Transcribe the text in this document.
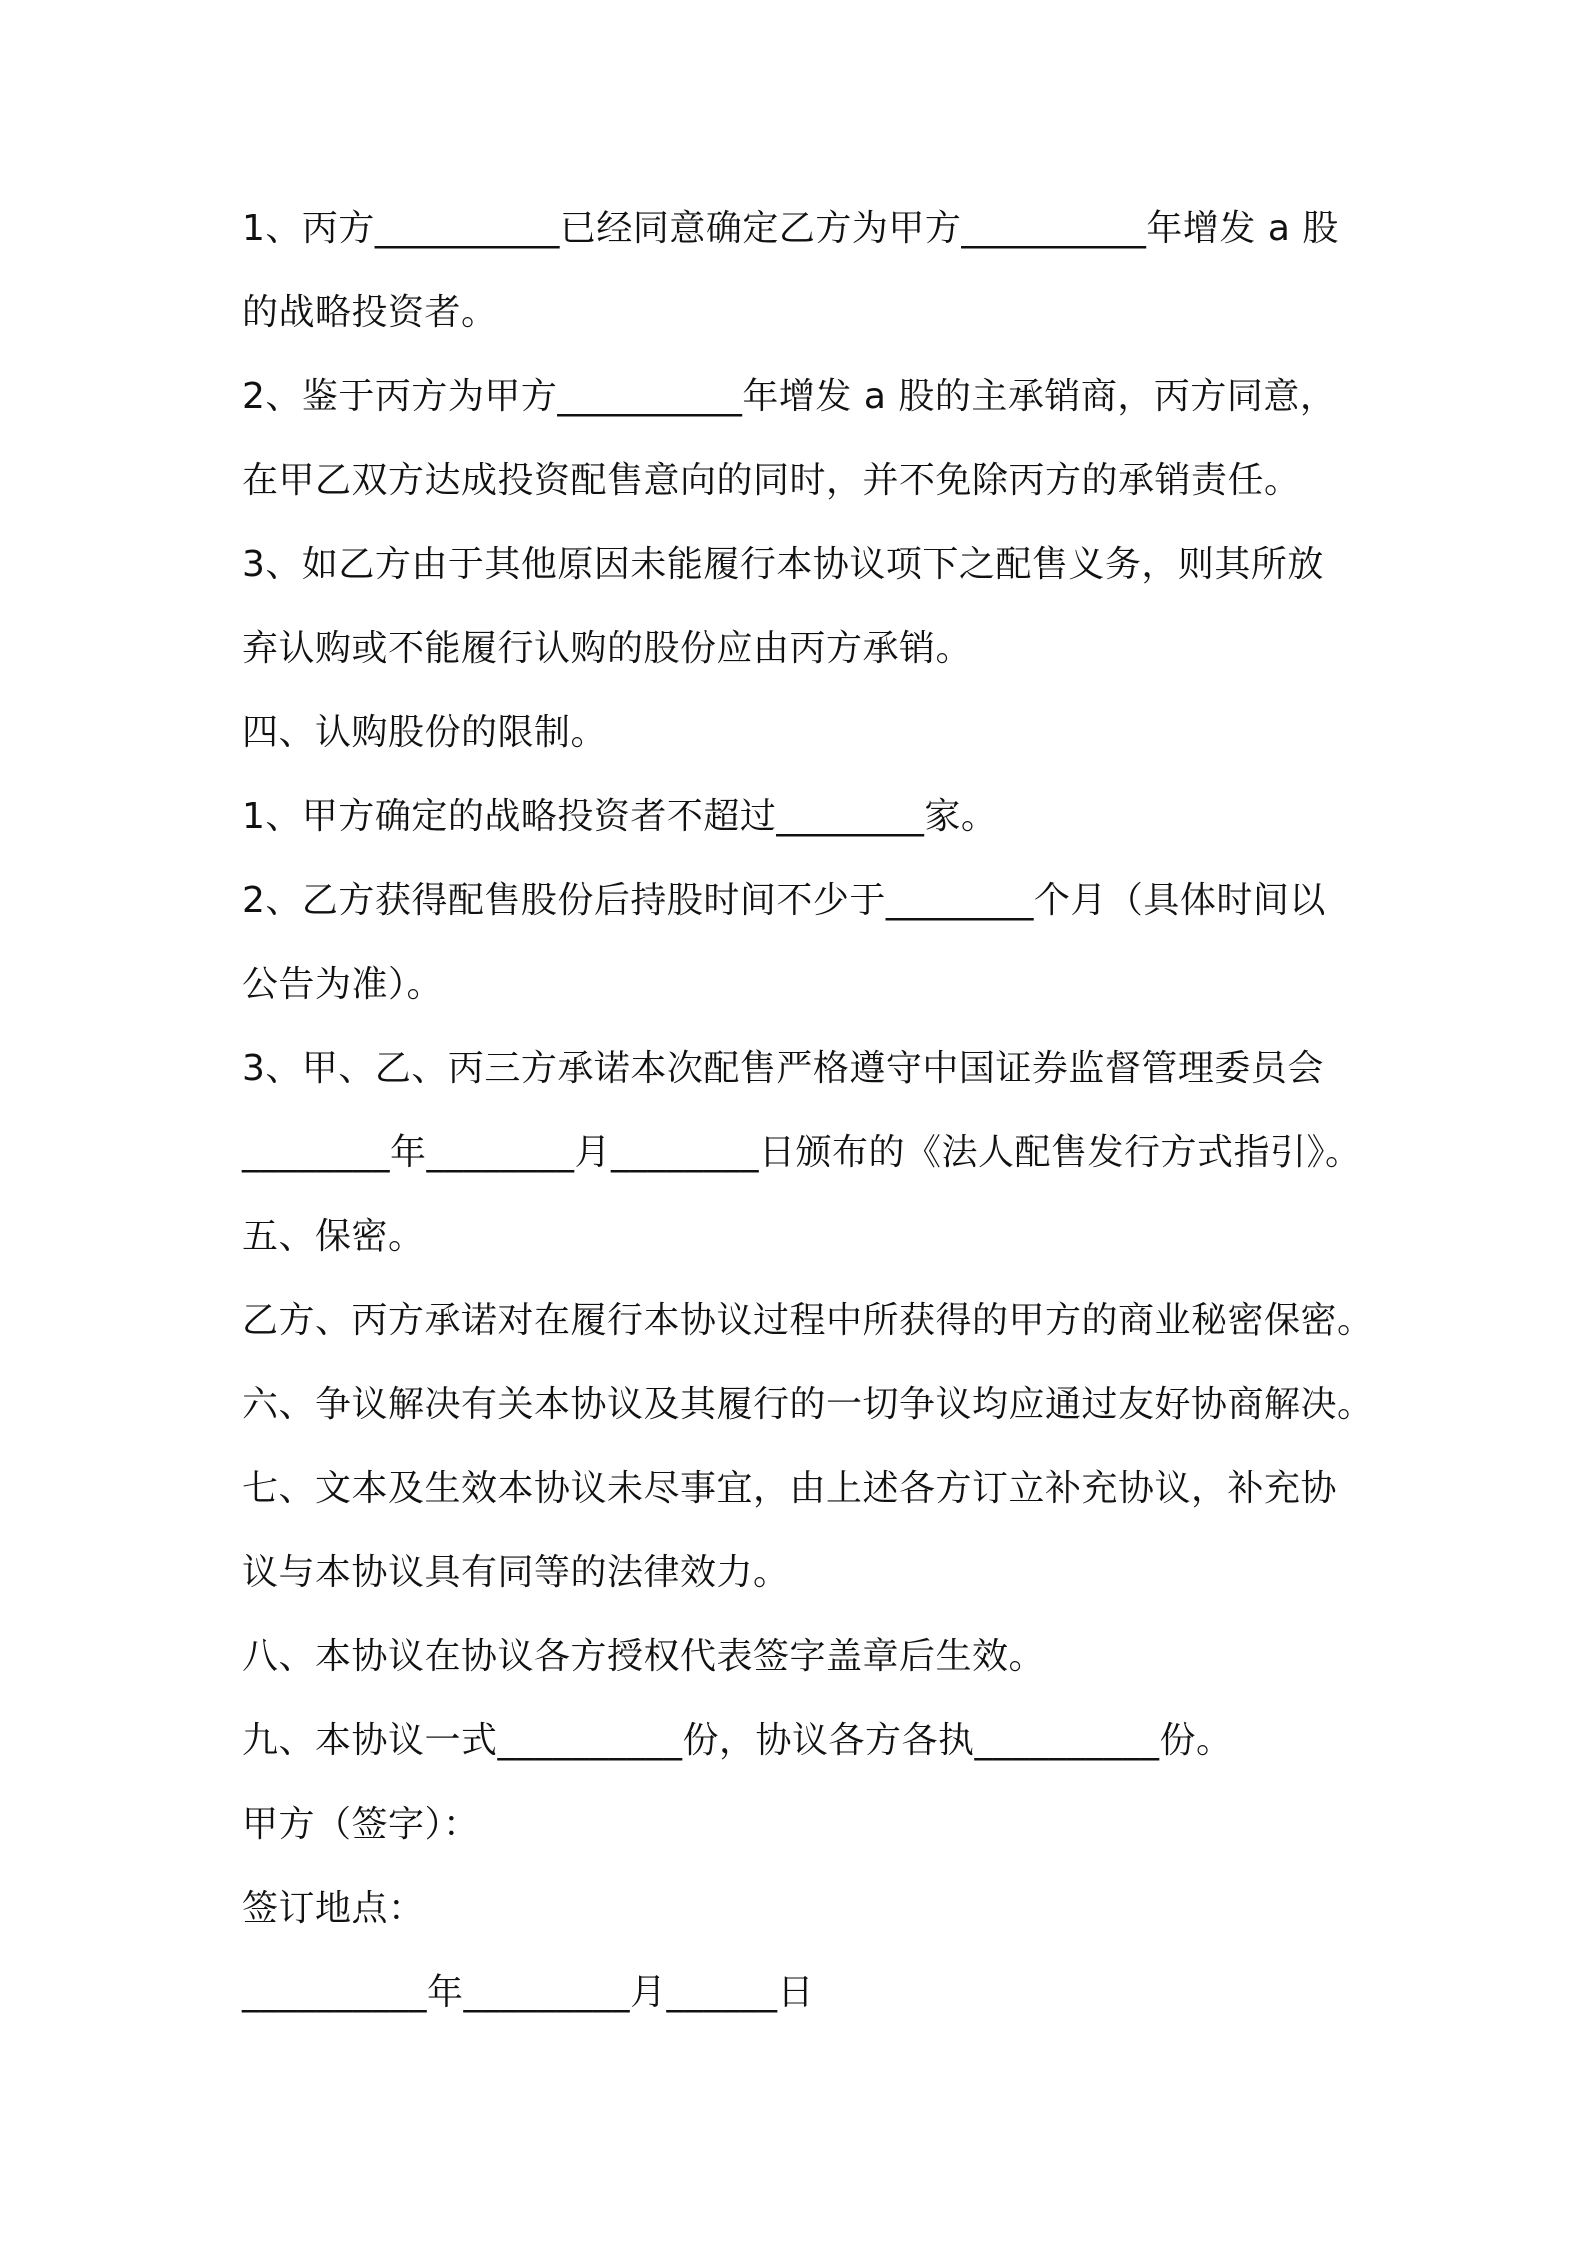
1、丙方__________已经同意确定乙方为甲方__________年增发 a 股
的战略投资者。
2、鉴于丙方为甲方__________年增发 a 股的主承销商，丙方同意，
在甲乙双方达成投资配售意向的同时，并不免除丙方的承销责任。
3、如乙方由于其他原因未能履行本协议项下之配售义务，则其所放
弃认购或不能履行认购的股份应由丙方承销。
四、认购股份的限制。
1、甲方确定的战略投资者不超过________家。
2、乙方获得配售股份后持股时间不少于________个月（具体时间以
公告为准）。
3、甲、乙、丙三方承诺本次配售严格遵守中国证券监督管理委员会
________年________月________日颁布的《法人配售发行方式指引》。
五、保密。
乙方、丙方承诺对在履行本协议过程中所获得的甲方的商业秘密保密。
六、争议解决有关本协议及其履行的一切争议均应通过友好协商解决。
七、文本及生效本协议未尽事宜，由上述各方订立补充协议，补充协
议与本协议具有同等的法律效力。
八、本协议在协议各方授权代表签字盖章后生效。
九、本协议一式__________份，协议各方各执__________份。
甲方（签字）：
签订地点：
__________年_________月______日
